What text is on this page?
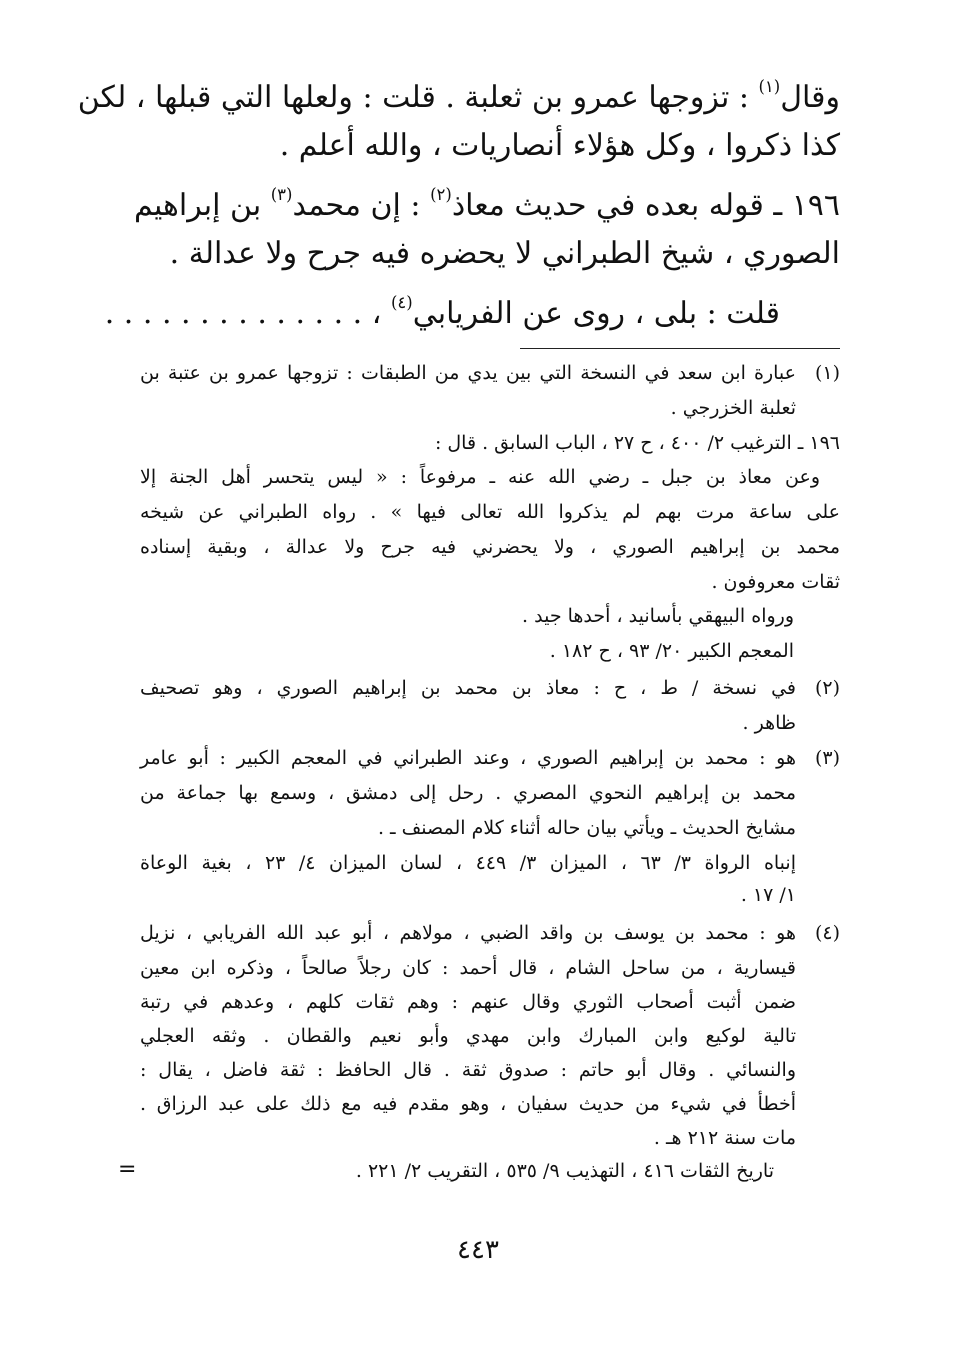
وقال$^{(١)}$ : تزوجها عمرو بن ثعلبة . قلت : ولعلها التي قبلها ، لكن
كذا ذكروا ، وكل هؤلاء أنصاريات ، والله أعلم .
١٩٦ ـ قوله بعده في حديث معاذ$^{(٢)}$ : إن محمد$^{(٣)}$ بن إبراهيم
الصوري ، شيخ الطبراني لا يحضره فيه جرح ولا عدالة .
قلت : بلى ، روى عن الفريابي$^{(٤)}$ ، . . . . . . . . . . . . . .
(١)
عبارة ابن سعد في النسخة التي بين يدي من الطبقات : تزوجها عمرو بن عتبة بن
ثعلبة الخزرجي .
١٩٦ ـ الترغيب ٢/ ٤٠٠ ، ح ٢٧ ، الباب السابق . قال :
وعن معاذ بن جبل ـ رضي الله عنه ـ مرفوعاً : « ليس يتحسر أهل الجنة إلا
على ساعة مرت بهم لم يذكروا الله تعالى فيها » . رواه الطبراني عن شيخه
محمد بن إبراهيم الصوري ، ولا يحضرني فيه جرح ولا عدالة ، وبقية إسناده
ثقات معروفون .
ورواه البيهقي بأسانيد ، أحدها جيد .
المعجم الكبير ٢٠/ ٩٣ ، ح ١٨٢ .
(٢)
في نسخة / ط ، ح : معاذ بن محمد بن إبراهيم الصوري ، وهو تصحيف
ظاهر .
(٣)
هو : محمد بن إبراهيم الصوري ، وعند الطبراني في المعجم الكبير : أبو عامر
محمد بن إبراهيم النحوي المصري . رحل إلى دمشق ، وسمع بها جماعة من
مشايخ الحديث ـ ويأتي بيان حاله أثناء كلام المصنف ـ .
إنباه الرواة ٣/ ٦٣ ، الميزان ٣/ ٤٤٩ ، لسان الميزان ٤/ ٢٣ ، بغية الوعاة
١/ ١٧ .
(٤)
هو : محمد بن يوسف بن واقد الضبي ، مولاهم ، أبو عبد الله الفريابي ، نزيل
قيسارية ، من ساحل الشام ، قال أحمد : كان رجلاً صالحاً ، وذكره ابن معين
ضمن أثبت أصحاب الثوري وقال عنهم : وهم ثقات كلهم ، وعدهم في رتبة
تالية لوكيع وابن المبارك وابن مهدي وأبو نعيم والقطان . وثقه العجلي
والنسائي . وقال أبو حاتم : صدوق ثقة . قال الحافظ : ثقة فاضل ، يقال :
أخطأ في شيء من حديث سفيان ، وهو مقدم فيه مع ذلك على عبد الرزاق .
مات سنة ٢١٢ هـ .
تاريخ الثقات ٤١٦ ، التهذيب ٩/ ٥٣٥ ، التقريب ٢/ ٢٢١ .
=
٤٤٣
